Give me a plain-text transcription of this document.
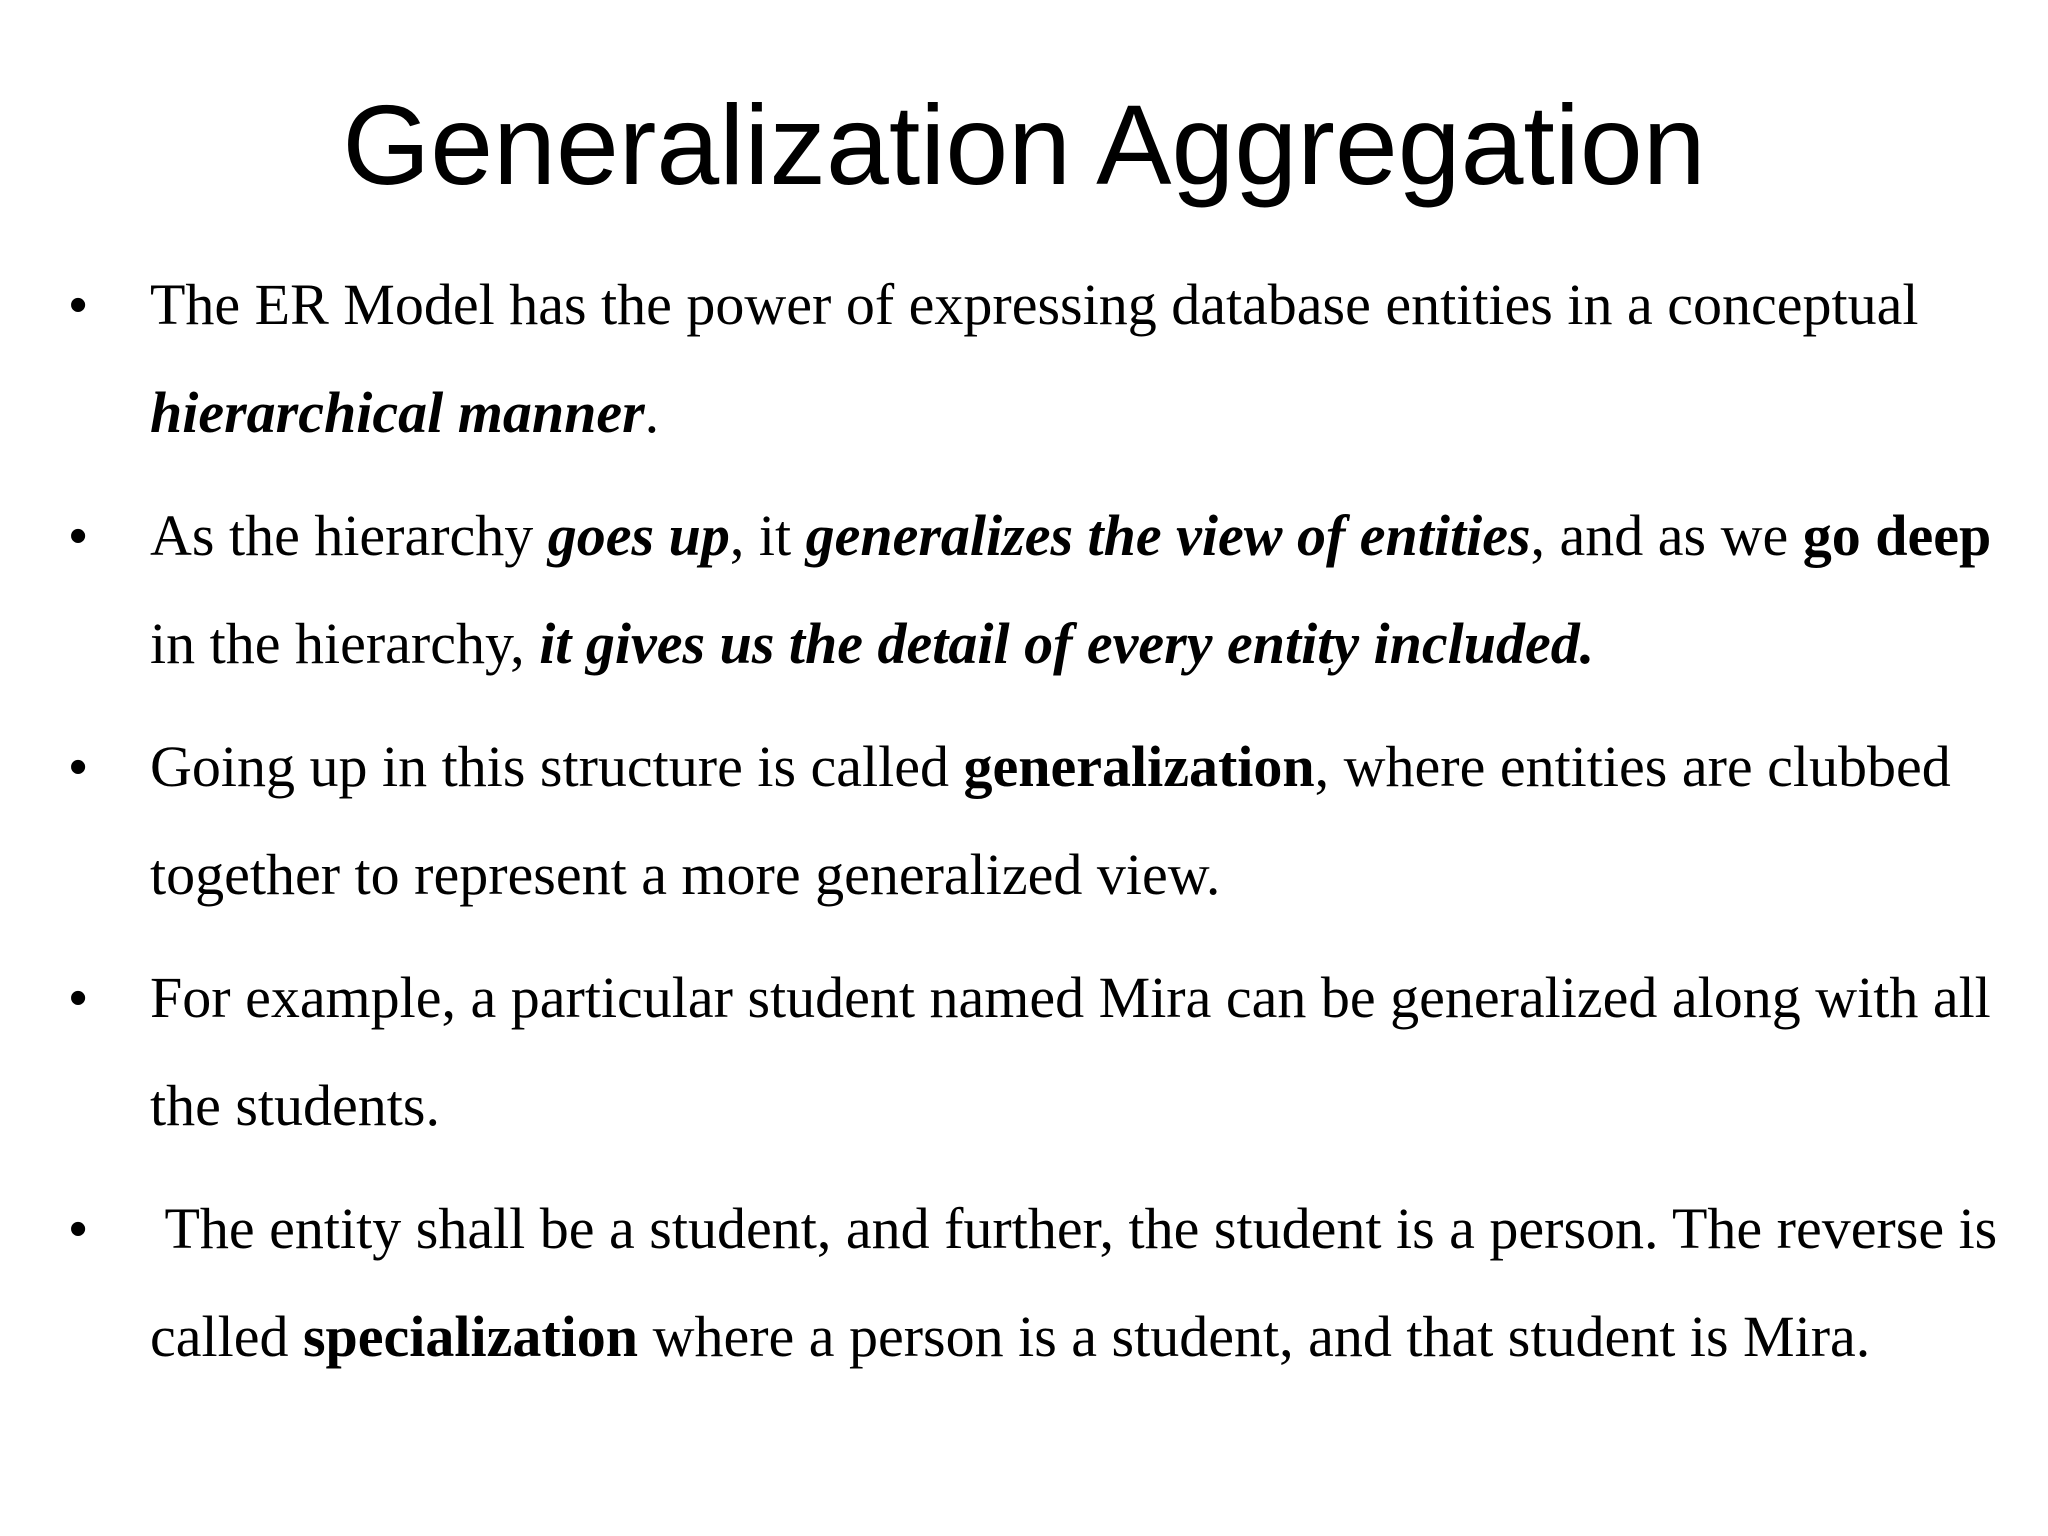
Generalization Aggregation
• The ER Model has the power of expressing database entities in a conceptual hierarchical manner.
• As the hierarchy goes up, it generalizes the view of entities, and as we go deep in the hierarchy, it gives us the detail of every entity included.
• Going up in this structure is called generalization, where entities are clubbed together to represent a more generalized view.
• For example, a particular student named Mira can be generalized along with all the students.
• The entity shall be a student, and further, the student is a person. The reverse is called specialization where a person is a student, and that student is Mira.
